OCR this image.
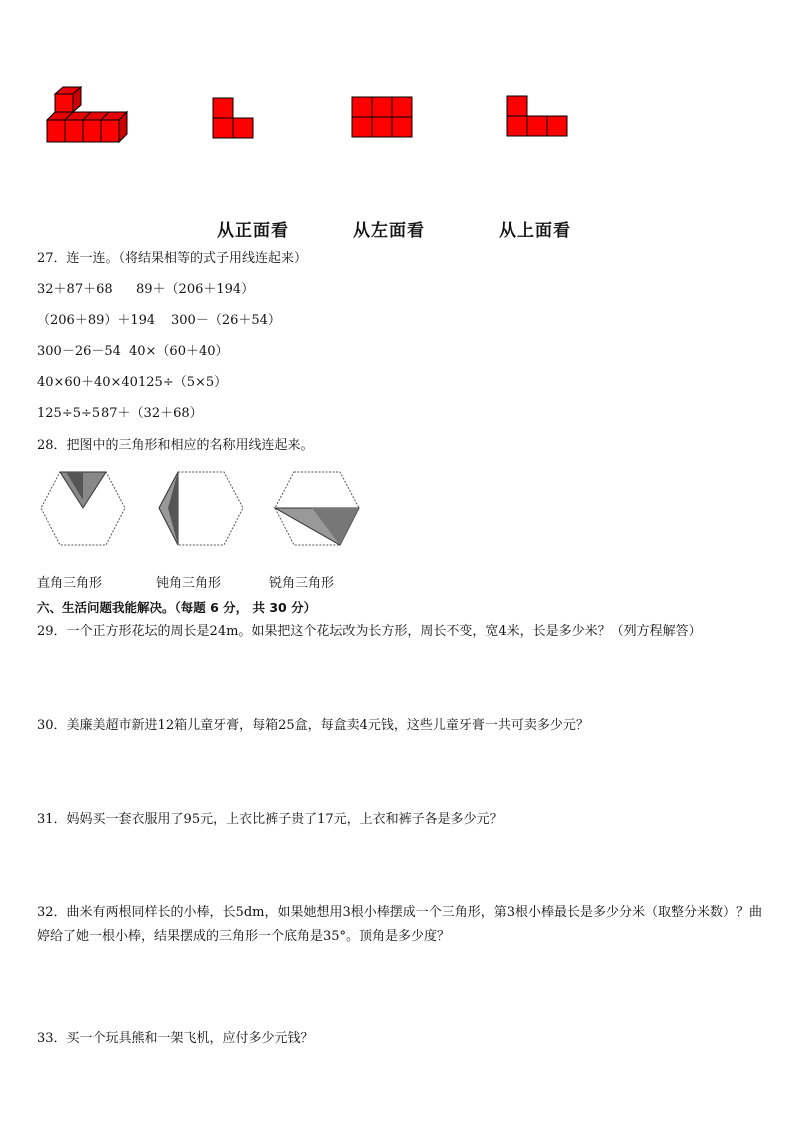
从正面看	从左面看	从上面看
27．连一连。（将结果相等的式子用线连起来）
32＋87＋68 89＋（206＋194）
（206＋89）＋194 300－（26＋54）
300－26－54 40×（60＋40）
40×60＋40×40 125÷（5×5）
125÷5÷5 87＋（32＋68）
28．把图中的三角形和相应的名称用线连起来。
直角三角形	钝角三角形	锐角三角形
六、生活问题我能解决。（每题 6 分， 共 30 分）
29．一个正方形花坛的周长是24m。如果把这个花坛改为长方形，周长不变，宽4米，长是多少米？（列方程解答）
30．美廉美超市新进12箱儿童牙膏，每箱25盒，每盒卖4元钱，这些儿童牙膏一共可卖多少元？
31．妈妈买一套衣服用了95元，上衣比裤子贵了17元，上衣和裤子各是多少元？
32．曲米有两根同样长的小棒，长5dm，如果她想用3根小棒摆成一个三角形，第3根小棒最长是多少分米（取整分米数）？曲婷给了她一根小棒，结果摆成的三角形一个底角是35°。顶角是多少度？
33．买一个玩具熊和一架飞机，应付多少元钱？
